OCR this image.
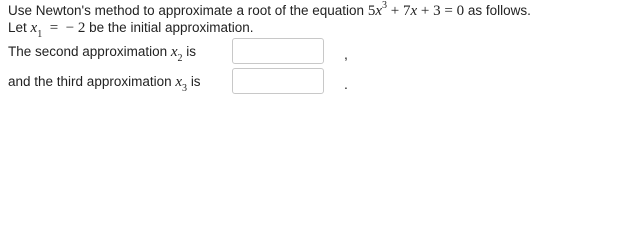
Use Newton's method to approximate a root of the equation $5x^3 + 7x + 3 = 0$ as follows.
Let $x_1$ = − 2 be the initial approximation.
The second approximation $x_2$ is	,
and the third approximation $x_3$ is	.
